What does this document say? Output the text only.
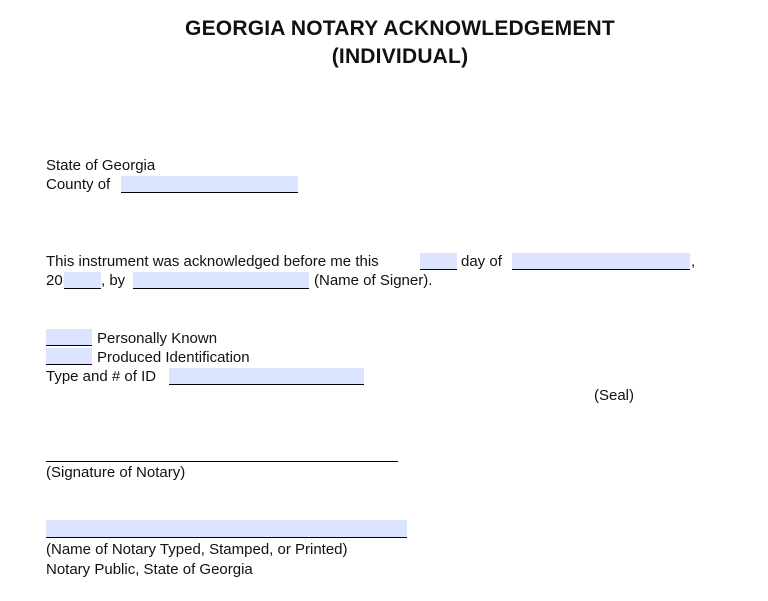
GEORGIA NOTARY ACKNOWLEDGEMENT
(INDIVIDUAL)
State of Georgia
County of
This instrument was acknowledged before me this	day of	,
20	, by	(Name of Signer).
Personally Known
Produced Identification
Type and # of ID
(Seal)
(Signature of Notary)
(Name of Notary Typed, Stamped, or Printed)
Notary Public, State of Georgia
